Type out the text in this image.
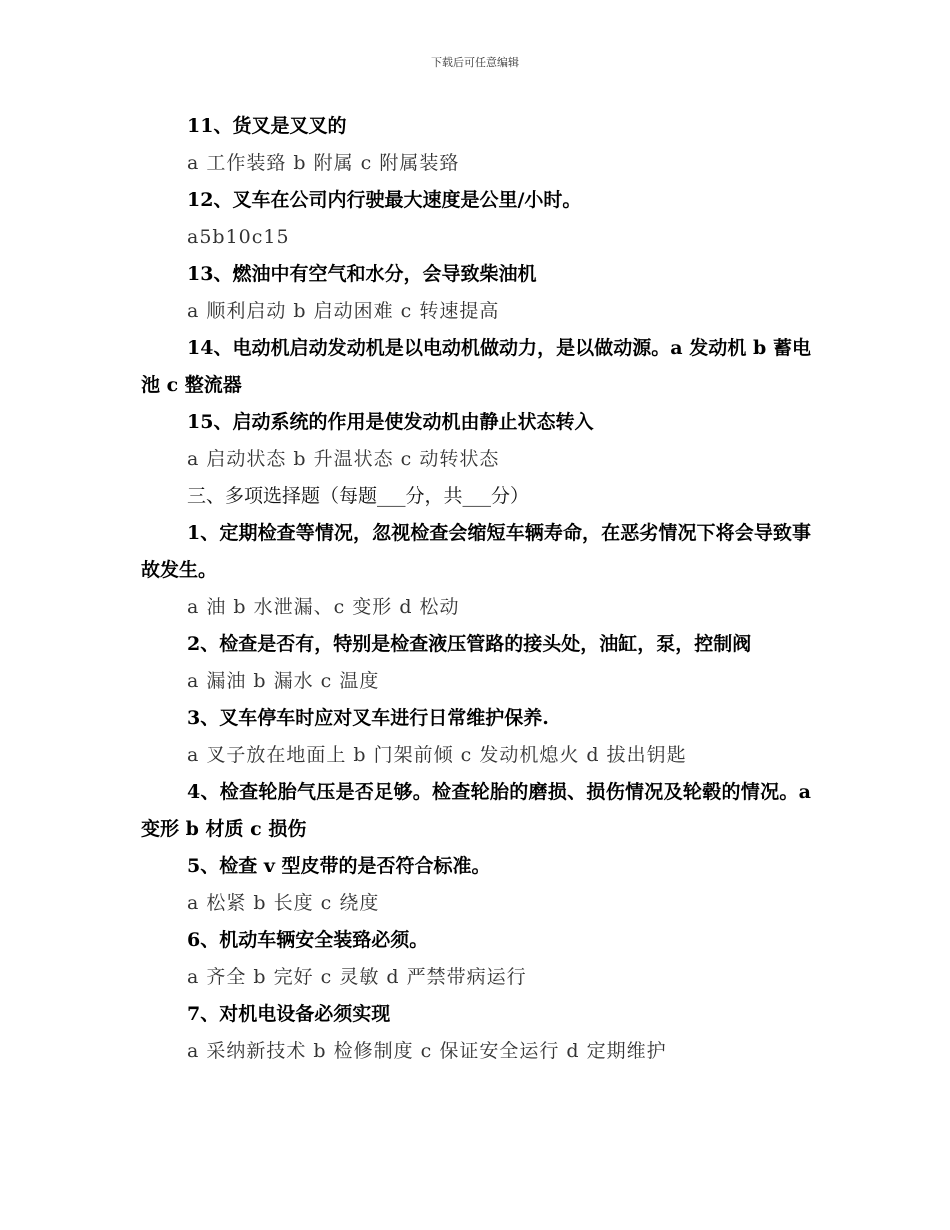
下载后可任意编辑

11、货叉是叉叉的

a 工作装臵 b 附属 c 附属装臵

12、叉车在公司内行驶最大速度是公里/小时。

a5b10c15

13、燃油中有空气和水分，会导致柴油机

a 顺利启动 b 启动困难 c 转速提高

14、电动机启动发动机是以电动机做动力，是以做动源。a 发动机 b 蓄电池 c 整流器

15、启动系统的作用是使发动机由静止状态转入

a 启动状态 b 升温状态 c 动转状态

三、多项选择题（每题___分，共___分）

1、定期检查等情况，忽视检查会缩短车辆寿命，在恶劣情况下将会导致事故发生。

a 油 b 水泄漏、c 变形 d 松动

2、检查是否有，特别是检查液压管路的接头处，油缸，泵，控制阀

a 漏油 b 漏水 c 温度

3、叉车停车时应对叉车进行日常维护保养.

a 叉子放在地面上 b 门架前倾 c 发动机熄火 d 拔出钥匙

4、检查轮胎气压是否足够。检查轮胎的磨损、损伤情况及轮毂的情况。a 变形 b 材质 c 损伤

5、检查 v 型皮带的是否符合标准。

a 松紧 b 长度 c 绕度

6、机动车辆安全装臵必须。

a 齐全 b 完好 c 灵敏 d 严禁带病运行

7、对机电设备必须实现

a 采纳新技术 b 检修制度 c 保证安全运行 d 定期维护
